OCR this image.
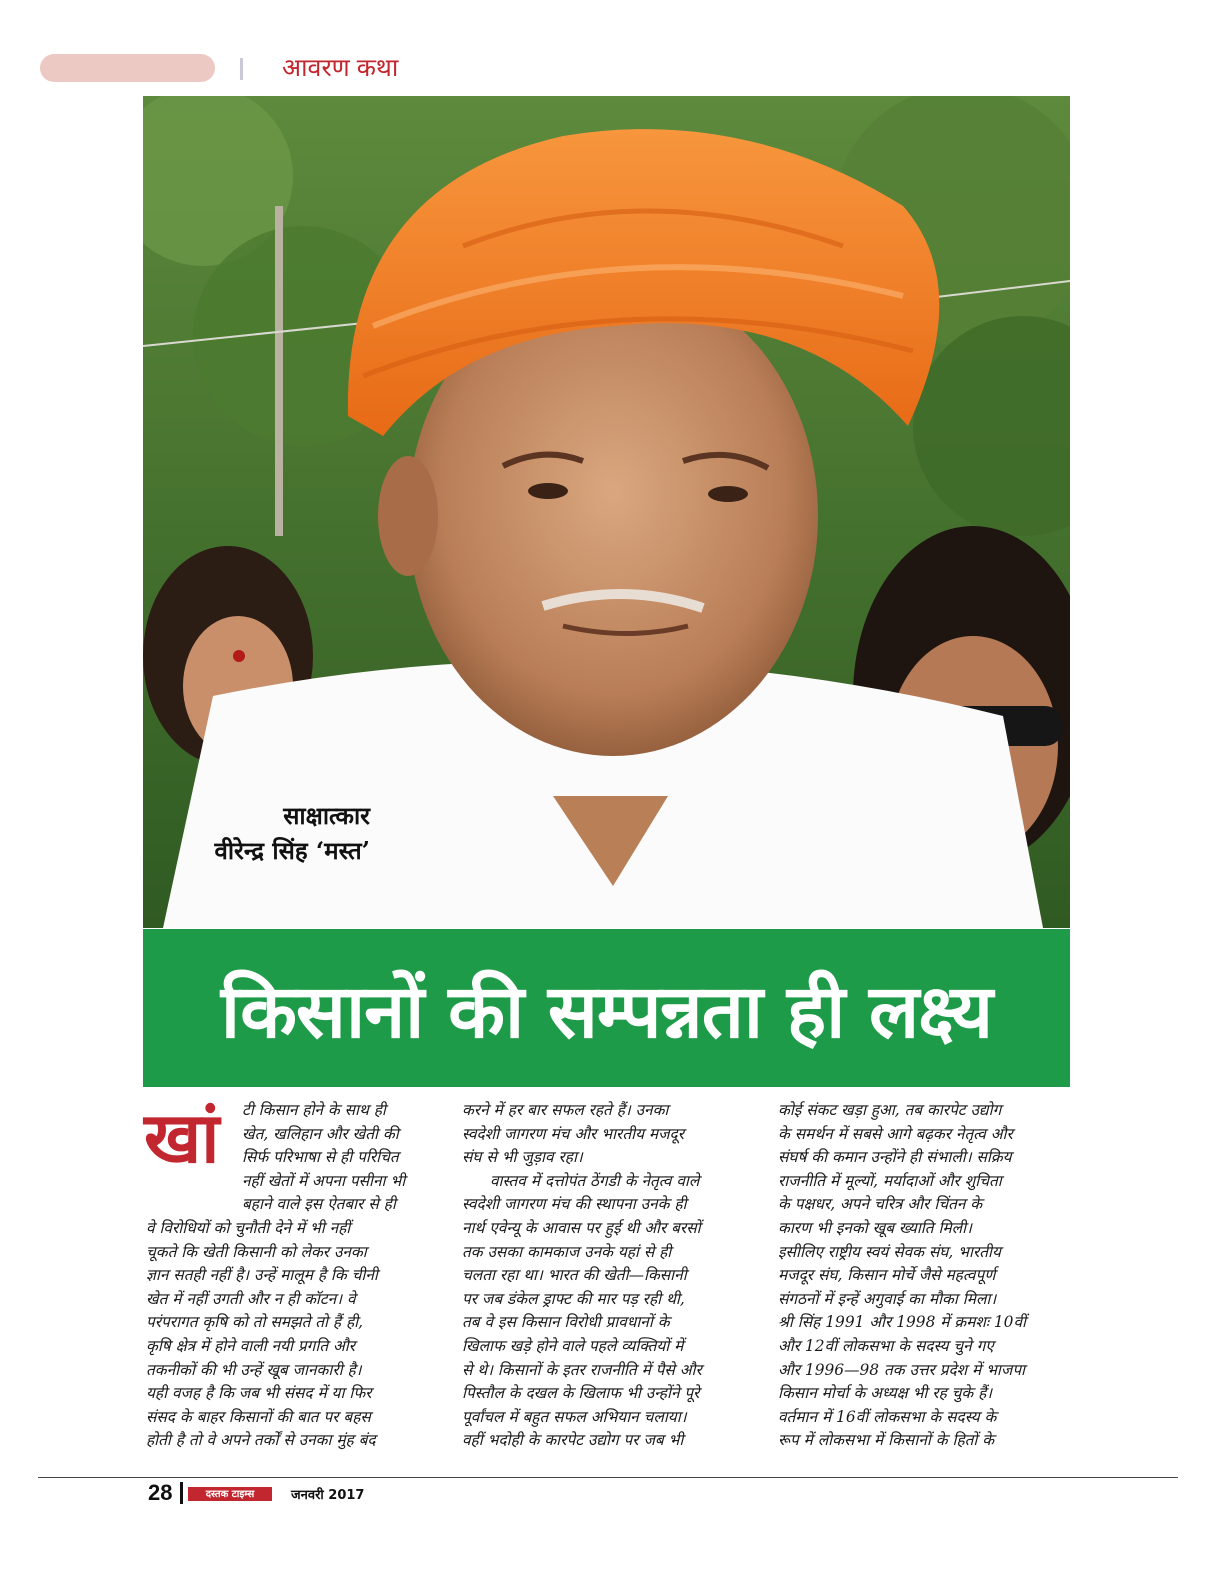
आवरण कथा
साक्षात्कार
वीरेन्द्र सिंह ‘मस्त’
किसानों की सम्पन्नता ही लक्ष्य
खां	टी किसान होने के साथ ही

खेत, खलिहान और खेती की

सिर्फ परिभाषा से ही परिचित

नहीं खेतों में अपना पसीना भी

बहाने वाले इस ऐतबार से ही

वे विरोधियों को चुनौती देने में भी नहीं

चूकते कि खेती किसानी को लेकर उनका

ज्ञान सतही नहीं है। उन्हें मालूम है कि चीनी

खेत में नहीं उगती और न ही कॉटन। वे

परंपरागत कृषि को तो समझते तो हैं ही,

कृषि क्षेत्र में होने वाली नयी प्रगति और

तकनीकों की भी उन्हें खूब जानकारी है।

यही वजह है कि जब भी संसद में या फिर

संसद के बाहर किसानों की बात पर बहस

होती है तो वे अपने तर्कों से उनका मुंह बंद

करने में हर बार सफल रहते हैं। उनका

स्वदेशी जागरण मंच और भारतीय मजदूर

संघ से भी जुड़ाव रहा।

वास्तव में दत्तोपंत ठेंगडी के नेतृत्व वाले

स्वदेशी जागरण मंच की स्थापना उनके ही

नार्थ एवेन्यू के आवास पर हुई थी और बरसों

तक उसका कामकाज उनके यहां से ही

चलता रहा था। भारत की खेती—किसानी

पर जब डंकेल ड्राफ्ट की मार पड़ रही थी,

तब वे इस किसान विरोधी प्रावधानों के

खिलाफ खड़े होने वाले पहले व्यक्तियों में

से थे। किसानों के इतर राजनीति में पैसे और

पिस्तौल के दखल के खिलाफ भी उन्होंने पूरे

पूर्वांचल में बहुत सफल अभियान चलाया।

वहीं भदोही के कारपेट उद्योग पर जब भी

कोई संकट खड़ा हुआ, तब कारपेट उद्योग

के समर्थन में सबसे आगे बढ़कर नेतृत्व और

संघर्ष की कमान उन्होंने ही संभाली। सक्रिय

राजनीति में मूल्यों, मर्यादाओं और शुचिता

के पक्षधर, अपने चरित्र और चिंतन के

कारण भी इनको खूब ख्याति मिली।

इसीलिए राष्ट्रीय स्वयं सेवक संघ, भारतीय

मजदूर संघ, किसान मोर्चे जैसे महत्वपूर्ण

संगठनों में इन्हें अगुवाई का मौका मिला।

श्री सिंह 1991 और 1998 में क्रमशः 10वीं

और 12वीं लोकसभा के सदस्य चुने गए

और 1996—98 तक उत्तर प्रदेश में भाजपा

किसान मोर्चा के अध्यक्ष भी रह चुके हैं।

वर्तमान में 16वीं लोकसभा के सदस्य के

रूप में लोकसभा में किसानों के हितों के

28	दस्तक टाइम्स	जनवरी 2017
